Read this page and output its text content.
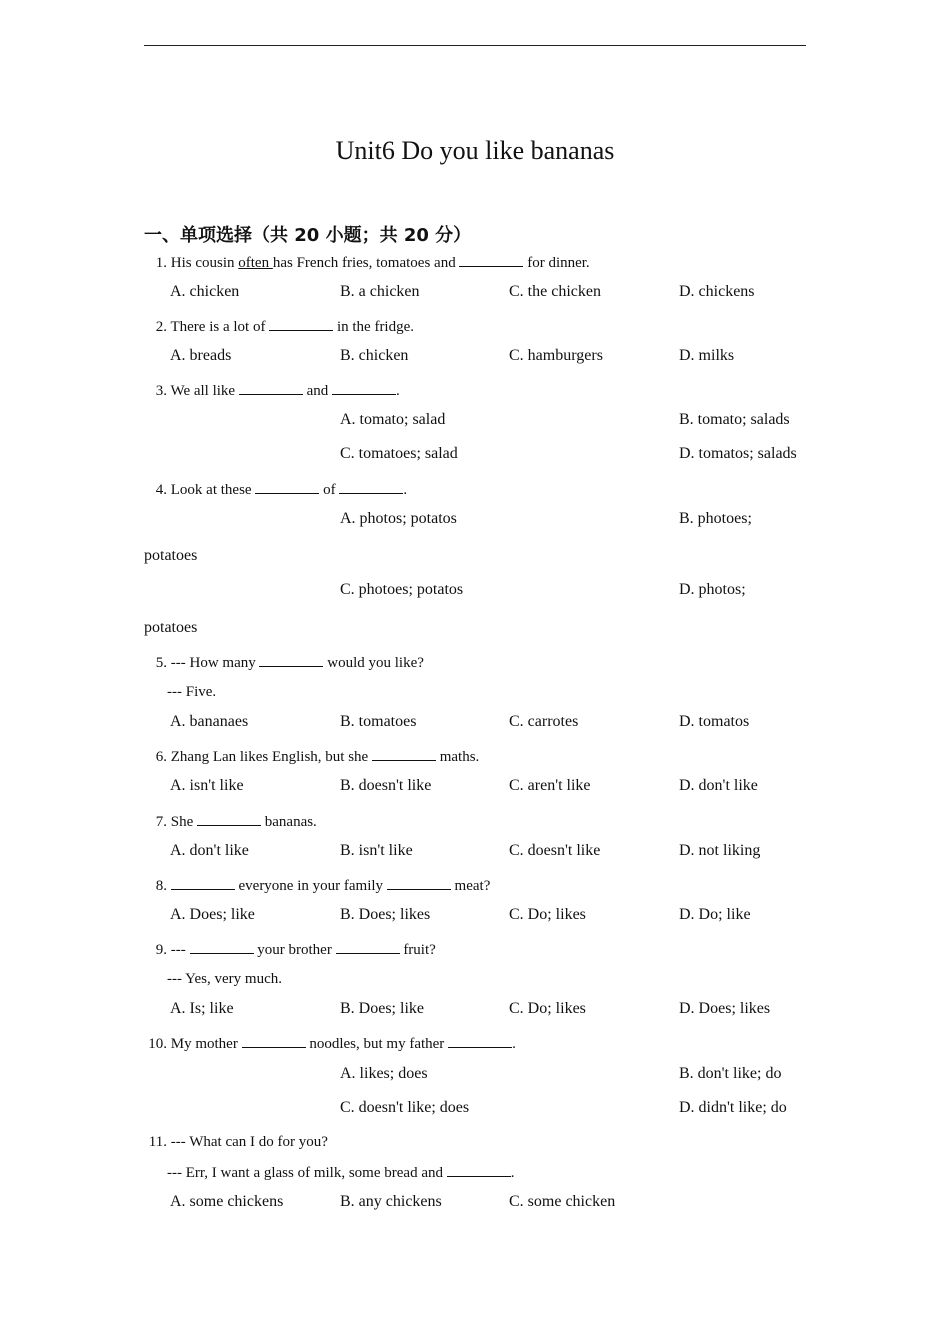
Unit6 Do you like bananas
一、单项选择（共 20 小题；共 20 分）
1. His cousin often has French fries, tomatoes and	for dinner.
A. chicken	B. a chicken	C. the chicken	D. chickens
2. There is a lot of	in the fridge.
A. breads	B. chicken	C. hamburgers	D. milks
3. We all like	and	.
A. tomato; salad	B. tomato; salads
C. tomatoes; salad	D. tomatos; salads
4. Look at these	of	.
A. photos; potatos	B. photoes;
potatoes
C. photoes; potatos	D. photos;
potatoes
5. --- How many	would you like?
--- Five.
A. bananaes	B. tomatoes	C. carrotes	D. tomatos
6. Zhang Lan likes English, but she	maths.
A. isn't like	B. doesn't like	C. aren't like	D. don't like
7. She	bananas.
A. don't like	B. isn't like	C. doesn't like	D. not liking
8.	everyone in your family	meat?
A. Does; like	B. Does; likes	C. Do; likes	D. Do; like
9. ---	your brother	fruit?
--- Yes, very much.
A. Is; like	B. Does; like	C. Do; likes	D. Does; likes
10. My mother	noodles, but my father	.
A. likes; does	B. don't like; do
C. doesn't like; does	D. didn't like; do
11. --- What can I do for you?
--- Err, I want a glass of milk, some bread and	.
A. some chickens	B. any chickens	C. some chicken
